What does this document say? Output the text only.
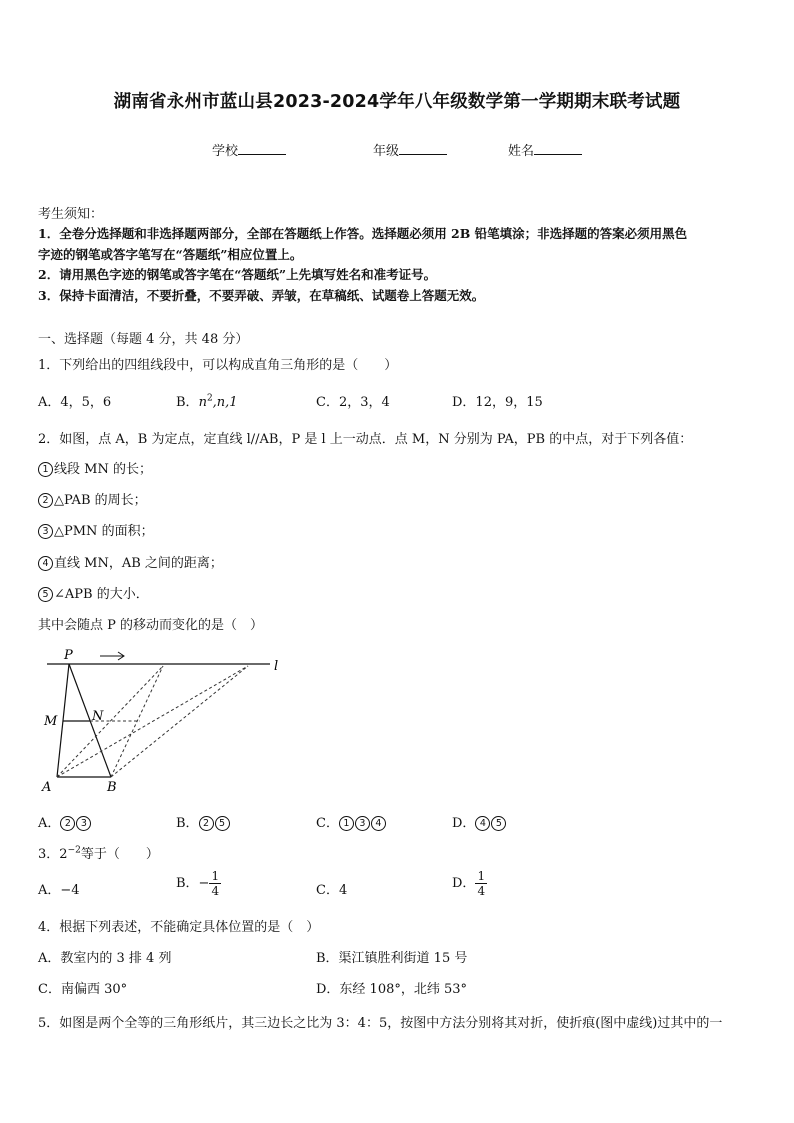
湖南省永州市蓝山县2023-2024学年八年级数学第一学期期末联考试题
学校	年级	姓名
考生须知：
1．全卷分选择题和非选择题两部分，全部在答题纸上作答。选择题必须用 2B 铅笔填涂；非选择题的答案必须用黑色
字迹的钢笔或答字笔写在“答题纸”相应位置上。
2．请用黑色字迹的钢笔或答字笔在“答题纸”上先填写姓名和准考证号。
3．保持卡面清洁，不要折叠，不要弄破、弄皱，在草稿纸、试题卷上答题无效。
一、选择题（每题 4 分，共 48 分）
1．下列给出的四组线段中，可以构成直角三角形的是（　　）
A．4，5，6	B．$n^2,n,1$	C．2，3，4	D．12，9，15
2．如图，点 A，B 为定点，定直线 l//AB，P 是 l 上一动点．点 M，N 分别为 PA，PB 的中点，对于下列各值：
1 线段 MN 的长；
2 △PAB 的周长；
3 △PMN 的面积；
4 直线 MN，AB 之间的距离；
5 ∠APB 的大小．
其中会随点 P 的移动而变化的是（　）
P
M	N
A	B
l
A． 2 3	B． 2 5	C． 1 3 4	D． 4 5
3．$2^{-2}$等于（　　）
A．−4	B．− $\frac{1}{4}$	C．4	D． $\frac{1}{4}$
4．根据下列表述，不能确定具体位置的是（　）
A．教室内的 3 排 4 列	B．渠江镇胜利街道 15 号
C．南偏西 30°	D．东经 108°，北纬 53°
5．如图是两个全等的三角形纸片，其三边长之比为 3：4：5，按图中方法分别将其对折，使折痕(图中虚线)过其中的一
